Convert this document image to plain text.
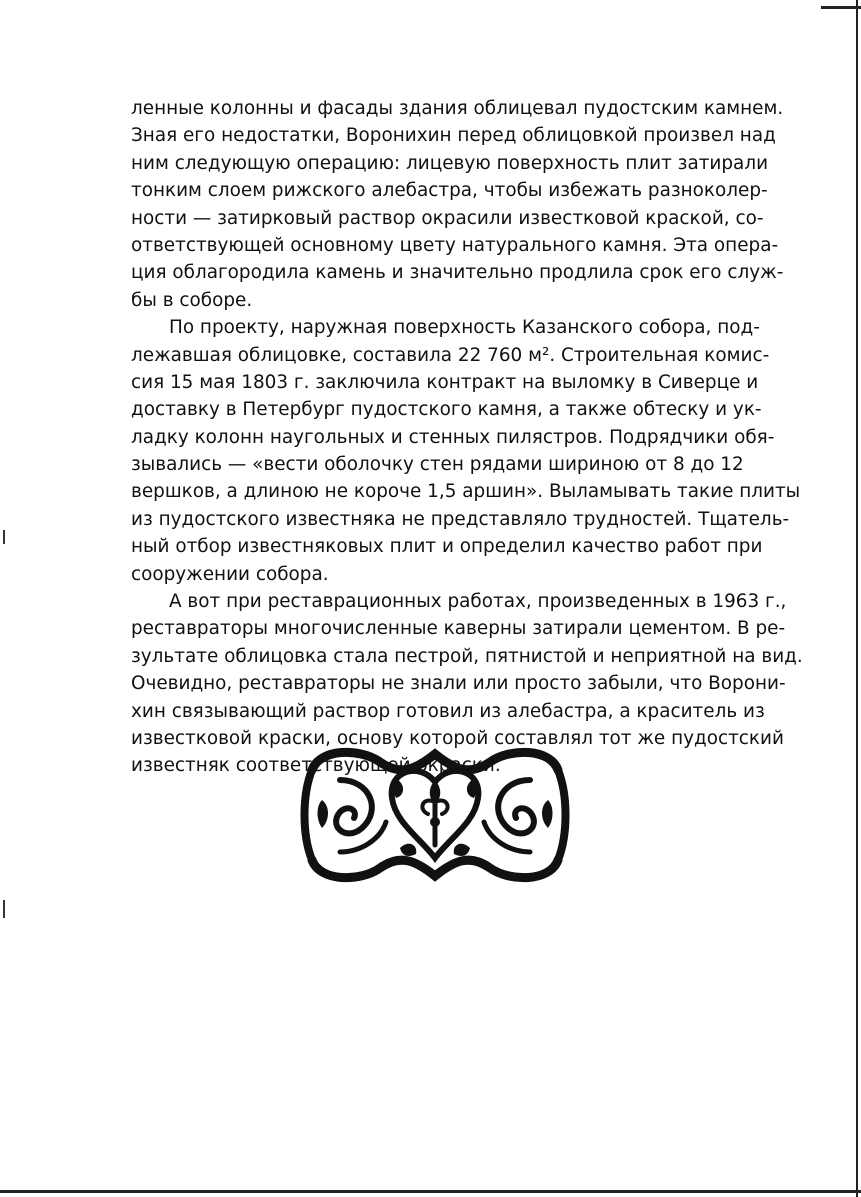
ленные колонны и фасады здания облицевал пудостским камнем.
Зная его недостатки, Воронихин перед облицовкой произвел над
ним следующую операцию: лицевую поверхность плит затирали
тонким слоем рижского алебастра, чтобы избежать разноколер-
ности — затирковый раствор окрасили известковой краской, со-
ответствующей основному цвету натурального камня. Эта опера-
ция облагородила камень и значительно продлила срок его служ-
бы в соборе.
По проекту, наружная поверхность Казанского собора, под-
лежавшая облицовке, составила 22 760 м². Строительная комис-
сия 15 мая 1803 г. заключила контракт на выломку в Сиверце и
доставку в Петербург пудостского камня, а также обтеску и ук-
ладку колонн наугольных и стенных пилястров. Подрядчики обя-
зывались — «вести оболочку стен рядами шириною от 8 до 12
вершков, а длиною не короче 1,5 аршин». Выламывать такие плиты
из пудостского известняка не представляло трудностей. Тщатель-
ный отбор известняковых плит и определил качество работ при
сооружении собора.
А вот при реставрационных работах, произведенных в 1963 г.,
реставраторы многочисленные каверны затирали цементом. В ре-
зультате облицовка стала пестрой, пятнистой и неприятной на вид.
Очевидно, реставраторы не знали или просто забыли, что Ворони-
хин связывающий раствор готовил из алебастра, а краситель из
известковой краски, основу которой составлял тот же пудостский
известняк соответствующей окраски.
